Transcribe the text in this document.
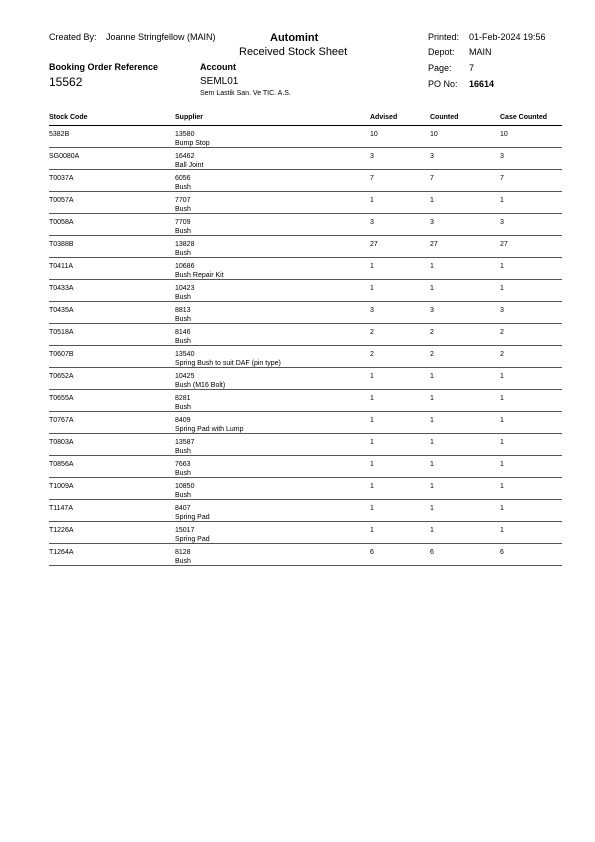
Created By: Joanne Stringfellow (MAIN)	Automint
Received Stock Sheet
Printed: 01-Feb-2024 19:56
Depot: MAIN
Page: 7
Booking Order Reference
15562
Account
SEML01
Sem Lastik San. Ve TIC. A.S.
PO No: 16614
Stock Code	Supplier	Advised	Counted	Case Counted
5382B	13580	10	10	10
Bump Stop
SG0080A	16462	3	3	3
Ball Joint
T0037A	6056	7	7	7
Bush
T0057A	7707	1	1	1
Bush
T0058A	7709	3	3	3
Bush
T0388B	13828	27	27	27
Bush
T0411A	10686	1	1	1
Bush Repair Kit
T0433A	10423	1	1	1
Bush
T0435A	8813	3	3	3
Bush
T0518A	8146	2	2	2
Bush
T0607B	13540	2	2	2
Spring Bush to suit DAF (pin type)
T0652A	10425	1	1	1
Bush (M16 Bolt)
T0655A	8281	1	1	1
Bush
T0767A	8409	1	1	1
Spring Pad with Lump
T0803A	13587	1	1	1
Bush
T0856A	7663	1	1	1
Bush
T1009A	10850	1	1	1
Bush
T1147A	8407	1	1	1
Spring Pad
T1226A	15017	1	1	1
Spring Pad
T1264A	8128	6	6	6
Bush
